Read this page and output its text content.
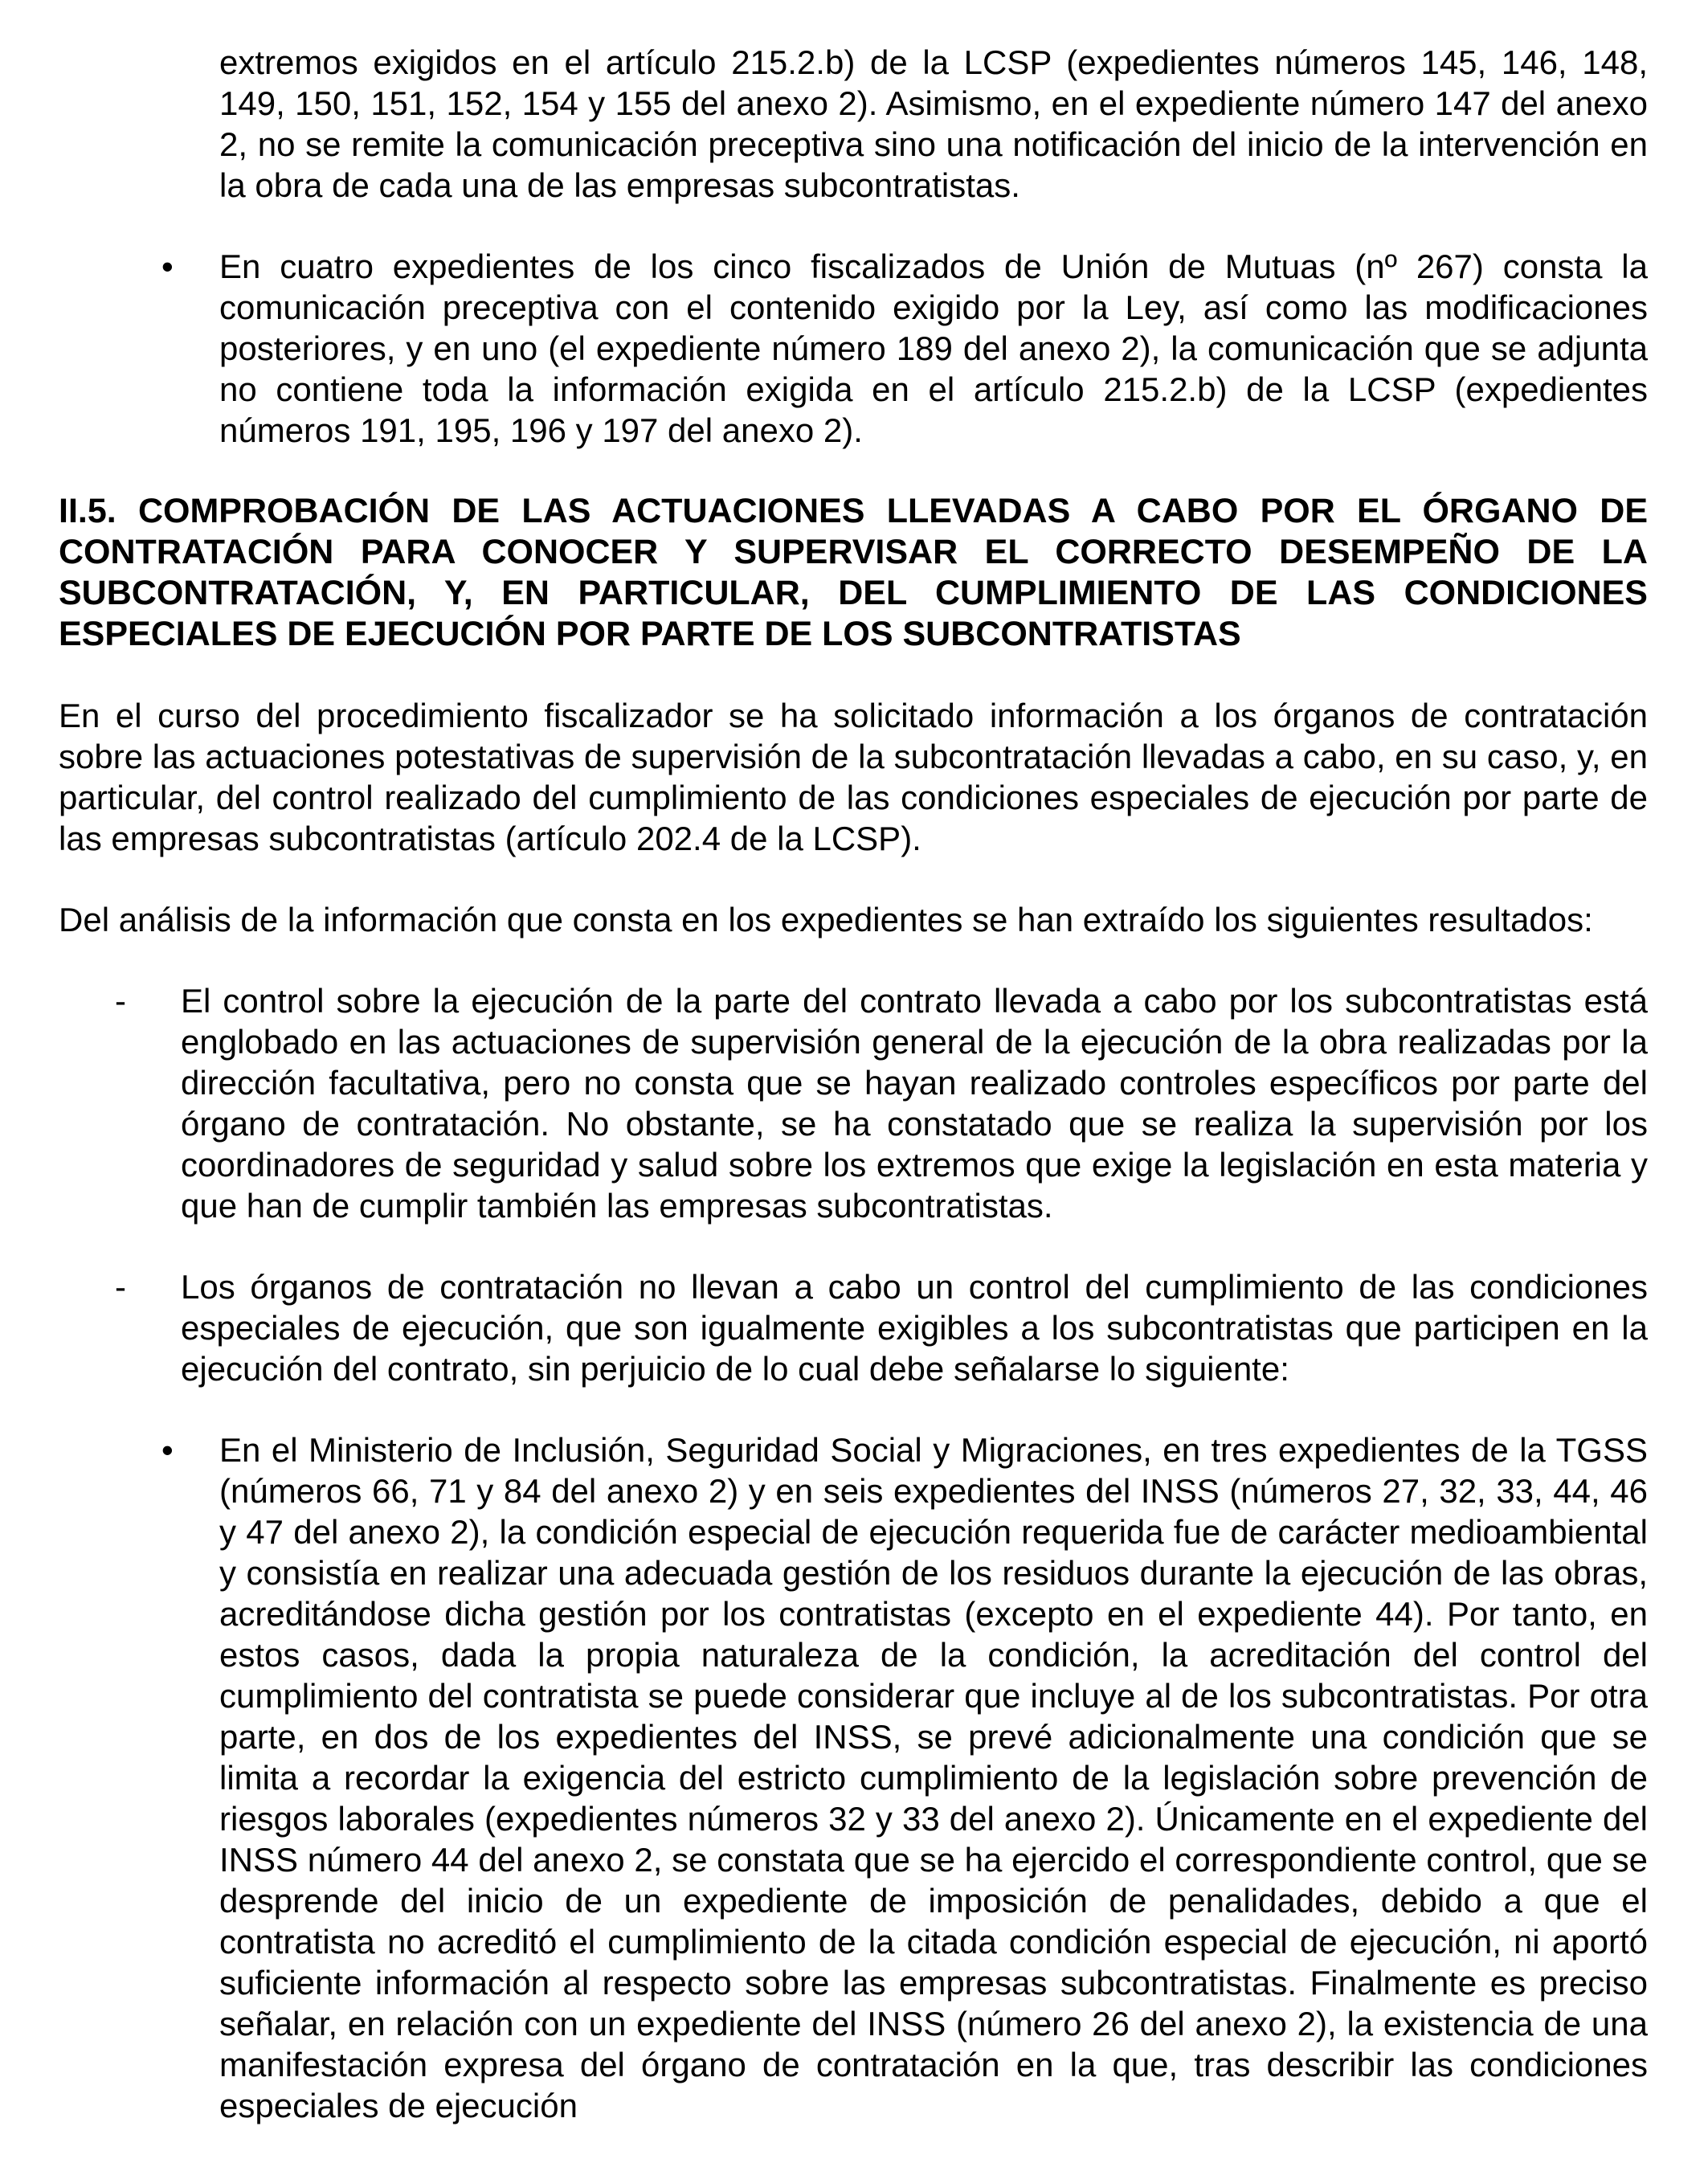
extremos exigidos en el artículo 215.2.b) de la LCSP (expedientes números 145, 146, 148, 149, 150, 151, 152, 154 y 155 del anexo 2). Asimismo, en el expediente número 147 del anexo 2, no se remite la comunicación preceptiva sino una notificación del inicio de la intervención en la obra de cada una de las empresas subcontratistas.

• En cuatro expedientes de los cinco fiscalizados de Unión de Mutuas (nº 267) consta la comunicación preceptiva con el contenido exigido por la Ley, así como las modificaciones posteriores, y en uno (el expediente número 189 del anexo 2), la comunicación que se adjunta no contiene toda la información exigida en el artículo 215.2.b) de la LCSP (expedientes números 191, 195, 196 y 197 del anexo 2).
II.5. COMPROBACIÓN DE LAS ACTUACIONES LLEVADAS A CABO POR EL ÓRGANO DE CONTRATACIÓN PARA CONOCER Y SUPERVISAR EL CORRECTO DESEMPEÑO DE LA SUBCONTRATACIÓN, Y, EN PARTICULAR, DEL CUMPLIMIENTO DE LAS CONDICIONES ESPECIALES DE EJECUCIÓN POR PARTE DE LOS SUBCONTRATISTAS

En el curso del procedimiento fiscalizador se ha solicitado información a los órganos de contratación sobre las actuaciones potestativas de supervisión de la subcontratación llevadas a cabo, en su caso, y, en particular, del control realizado del cumplimiento de las condiciones especiales de ejecución por parte de las empresas subcontratistas (artículo 202.4 de la LCSP).

Del análisis de la información que consta en los expedientes se han extraído los siguientes resultados:

- El control sobre la ejecución de la parte del contrato llevada a cabo por los subcontratistas está englobado en las actuaciones de supervisión general de la ejecución de la obra realizadas por la dirección facultativa, pero no consta que se hayan realizado controles específicos por parte del órgano de contratación. No obstante, se ha constatado que se realiza la supervisión por los coordinadores de seguridad y salud sobre los extremos que exige la legislación en esta materia y que han de cumplir también las empresas subcontratistas.
- Los órganos de contratación no llevan a cabo un control del cumplimiento de las condiciones especiales de ejecución, que son igualmente exigibles a los subcontratistas que participen en la ejecución del contrato, sin perjuicio de lo cual debe señalarse lo siguiente:
• En el Ministerio de Inclusión, Seguridad Social y Migraciones, en tres expedientes de la TGSS (números 66, 71 y 84 del anexo 2) y en seis expedientes del INSS (números 27, 32, 33, 44, 46 y 47 del anexo 2), la condición especial de ejecución requerida fue de carácter medioambiental y consistía en realizar una adecuada gestión de los residuos durante la ejecución de las obras, acreditándose dicha gestión por los contratistas (excepto en el expediente 44). Por tanto, en estos casos, dada la propia naturaleza de la condición, la acreditación del control del cumplimiento del contratista se puede considerar que incluye al de los subcontratistas. Por otra parte, en dos de los expedientes del INSS, se prevé adicionalmente una condición que se limita a recordar la exigencia del estricto cumplimiento de la legislación sobre prevención de riesgos laborales (expedientes números 32 y 33 del anexo 2). Únicamente en el expediente del INSS número 44 del anexo 2, se constata que se ha ejercido el correspondiente control, que se desprende del inicio de un expediente de imposición de penalidades, debido a que el contratista no acreditó el cumplimiento de la citada condición especial de ejecución, ni aportó suficiente información al respecto sobre las empresas subcontratistas. Finalmente es preciso señalar, en relación con un expediente del INSS (número 26 del anexo 2), la existencia de una manifestación expresa del órgano de contratación en la que, tras describir las condiciones especiales de ejecución
